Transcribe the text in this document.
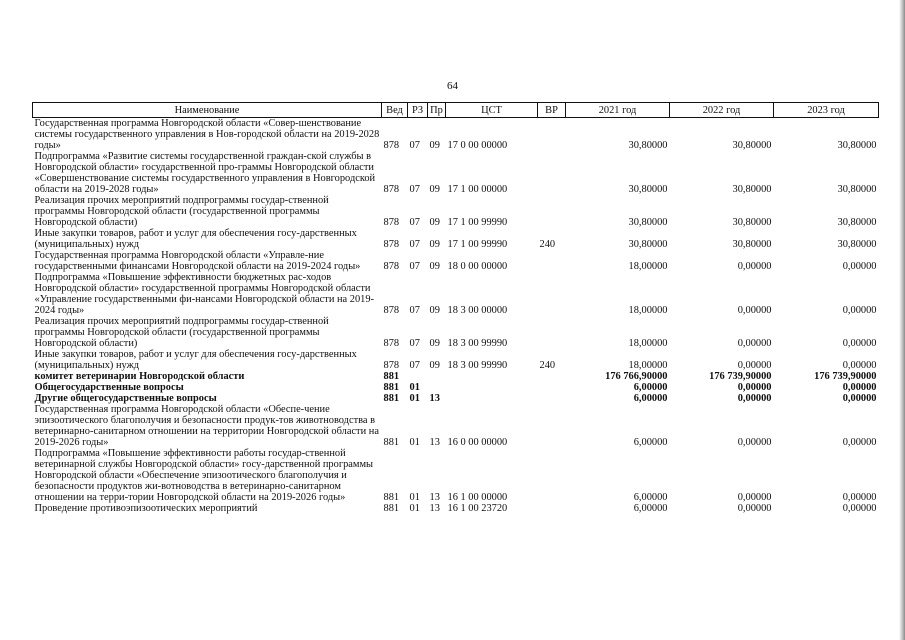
64
Наименование	Вед	РЗ	Пр	ЦСТ	ВР	2021 год	2022 год	2023 год
Государственная программа Новгородской области «Совер-шенствование системы государственного управления в Нов-городской области на 2019-2028 годы»	878	07	09	17 0 00 00000		30,80000	30,80000	30,80000
Подпрограмма «Развитие системы государственной граждан-ской службы в Новгородской области» государственной про-граммы Новгородской области «Совершенствование системы государственного управления в Новгородской области на 2019-2028 годы»	878	07	09	17 1 00 00000		30,80000	30,80000	30,80000
Реализация прочих мероприятий подпрограммы государ-ственной программы Новгородской области (государственной программы Новгородской области)	878	07	09	17 1 00 99990		30,80000	30,80000	30,80000
Иные закупки товаров, работ и услуг для обеспечения госу-дарственных (муниципальных) нужд	878	07	09	17 1 00 99990	240	30,80000	30,80000	30,80000
Государственная программа Новгородской области «Управле-ние государственными финансами Новгородской области на 2019-2024 годы»	878	07	09	18 0 00 00000		18,00000	0,00000	0,00000
Подпрограмма «Повышение эффективности бюджетных рас-ходов Новгородской области» государственной программы Новгородской области «Управление государственными фи-нансами Новгородской области на 2019-2024 годы»	878	07	09	18 3 00 00000		18,00000	0,00000	0,00000
Реализация прочих мероприятий подпрограммы государ-ственной программы Новгородской области (государственной программы Новгородской области)	878	07	09	18 3 00 99990		18,00000	0,00000	0,00000
Иные закупки товаров, работ и услуг для обеспечения госу-дарственных (муниципальных) нужд	878	07	09	18 3 00 99990	240	18,00000	0,00000	0,00000
комитет ветеринарии Новгородской области	881					176 766,90000	176 739,90000	176 739,90000
Общегосударственные вопросы	881	01				6,00000	0,00000	0,00000
Другие общегосударственные вопросы	881	01	13			6,00000	0,00000	0,00000
Государственная программа Новгородской области «Обеспе-чение эпизоотического благополучия и безопасности продук-тов животноводства в ветеринарно-санитарном отношении на территории Новгородской области на 2019-2026 годы»	881	01	13	16 0 00 00000		6,00000	0,00000	0,00000
Подпрограмма «Повышение эффективности работы государ-ственной ветеринарной службы Новгородской области» госу-дарственной программы Новгородской области «Обеспечение эпизоотического благополучия и безопасности продуктов жи-вотноводства в ветеринарно-санитарном отношении на терри-тории Новгородской области на 2019-2026 годы»	881	01	13	16 1 00 00000		6,00000	0,00000	0,00000
Проведение противоэпизоотических мероприятий	881	01	13	16 1 00 23720		6,00000	0,00000	0,00000
